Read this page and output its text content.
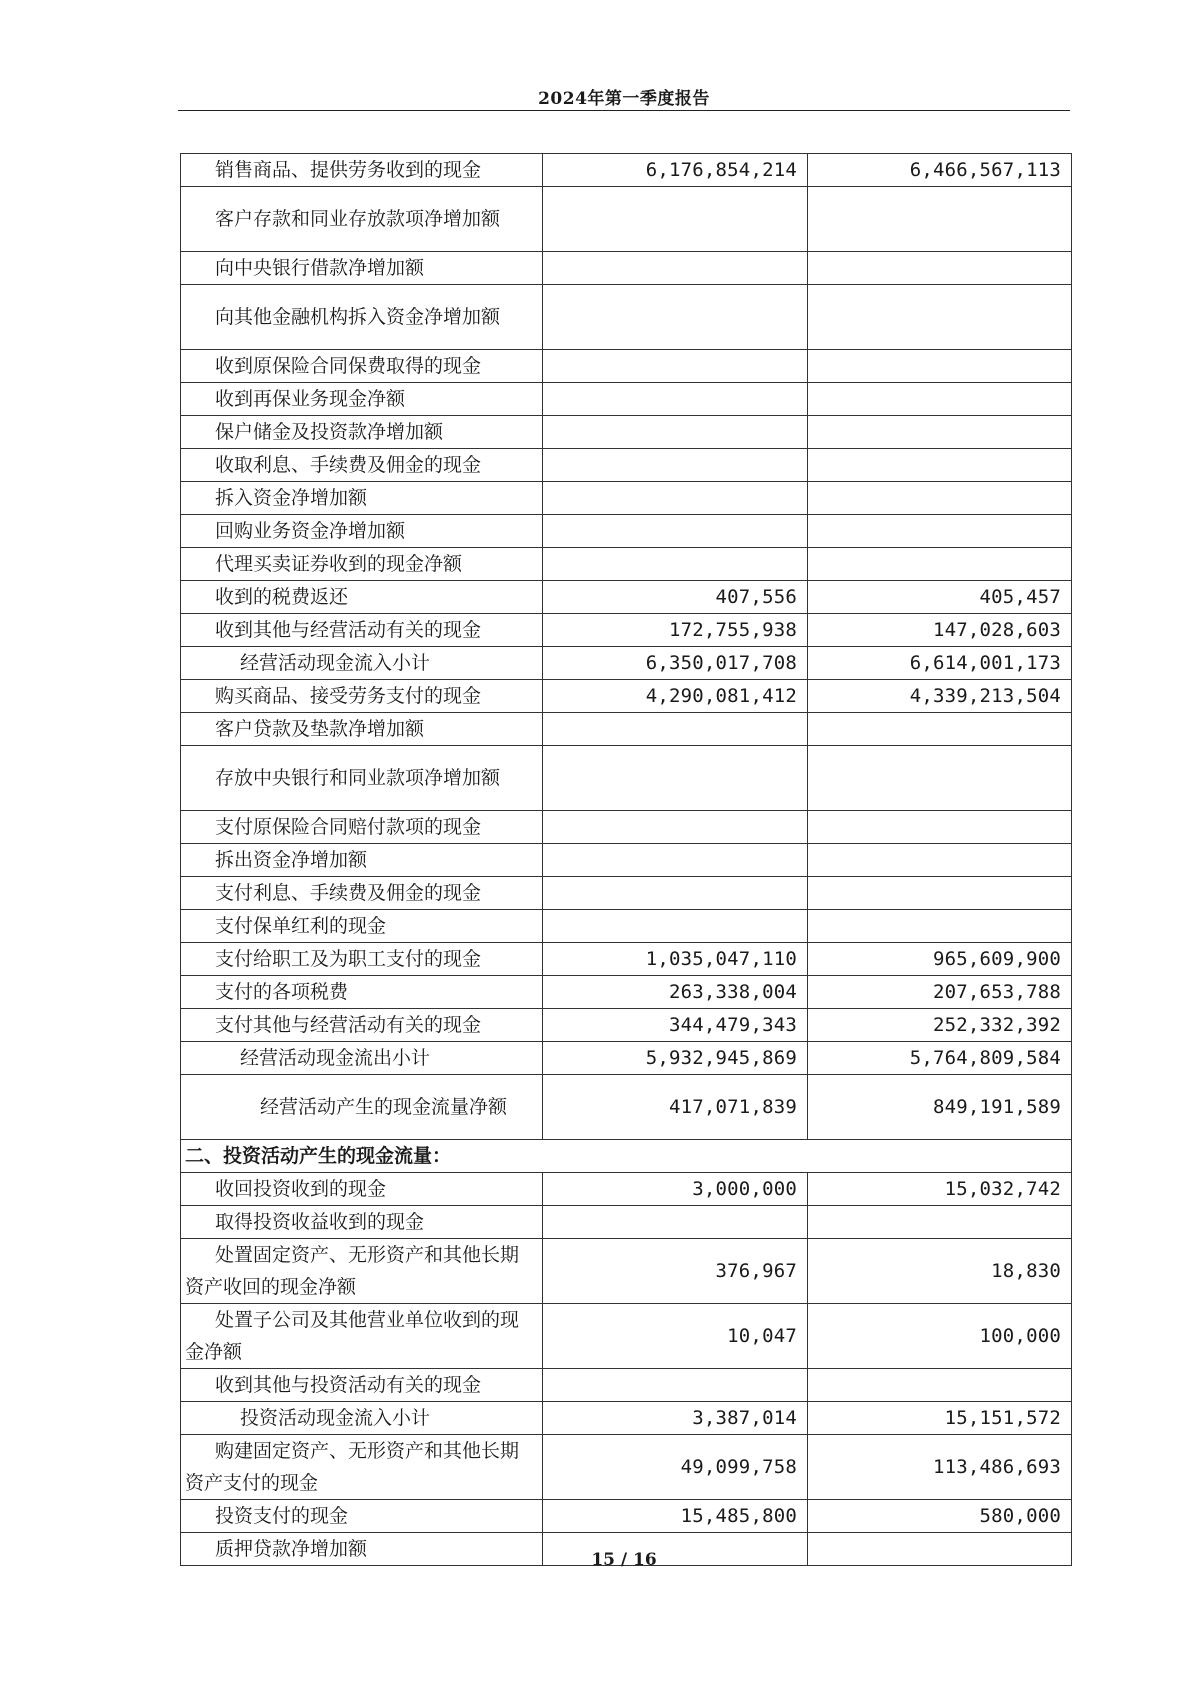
2024年第一季度报告
销售商品、提供劳务收到的现金	6,176,854,214	6,466,567,113
客户存款和同业存放款项净增加额		
向中央银行借款净增加额		
向其他金融机构拆入资金净增加额		
收到原保险合同保费取得的现金		
收到再保业务现金净额		
保户储金及投资款净增加额		
收取利息、手续费及佣金的现金		
拆入资金净增加额		
回购业务资金净增加额		
代理买卖证券收到的现金净额		
收到的税费返还	407,556	405,457
收到其他与经营活动有关的现金	172,755,938	147,028,603
经营活动现金流入小计	6,350,017,708	6,614,001,173
购买商品、接受劳务支付的现金	4,290,081,412	4,339,213,504
客户贷款及垫款净增加额		
存放中央银行和同业款项净增加额		
支付原保险合同赔付款项的现金		
拆出资金净增加额		
支付利息、手续费及佣金的现金		
支付保单红利的现金		
支付给职工及为职工支付的现金	1,035,047,110	965,609,900
支付的各项税费	263,338,004	207,653,788
支付其他与经营活动有关的现金	344,479,343	252,332,392
经营活动现金流出小计	5,932,945,869	5,764,809,584
经营活动产生的现金流量净额	417,071,839	849,191,589
二、投资活动产生的现金流量：		
收回投资收到的现金	3,000,000	15,032,742
取得投资收益收到的现金		
处置固定资产、无形资产和其他长期资产收回的现金净额	376,967	18,830
处置子公司及其他营业单位收到的现金净额	10,047	100,000
收到其他与投资活动有关的现金		
投资活动现金流入小计	3,387,014	15,151,572
购建固定资产、无形资产和其他长期资产支付的现金	49,099,758	113,486,693
投资支付的现金	15,485,800	580,000
质押贷款净增加额			15 / 16
